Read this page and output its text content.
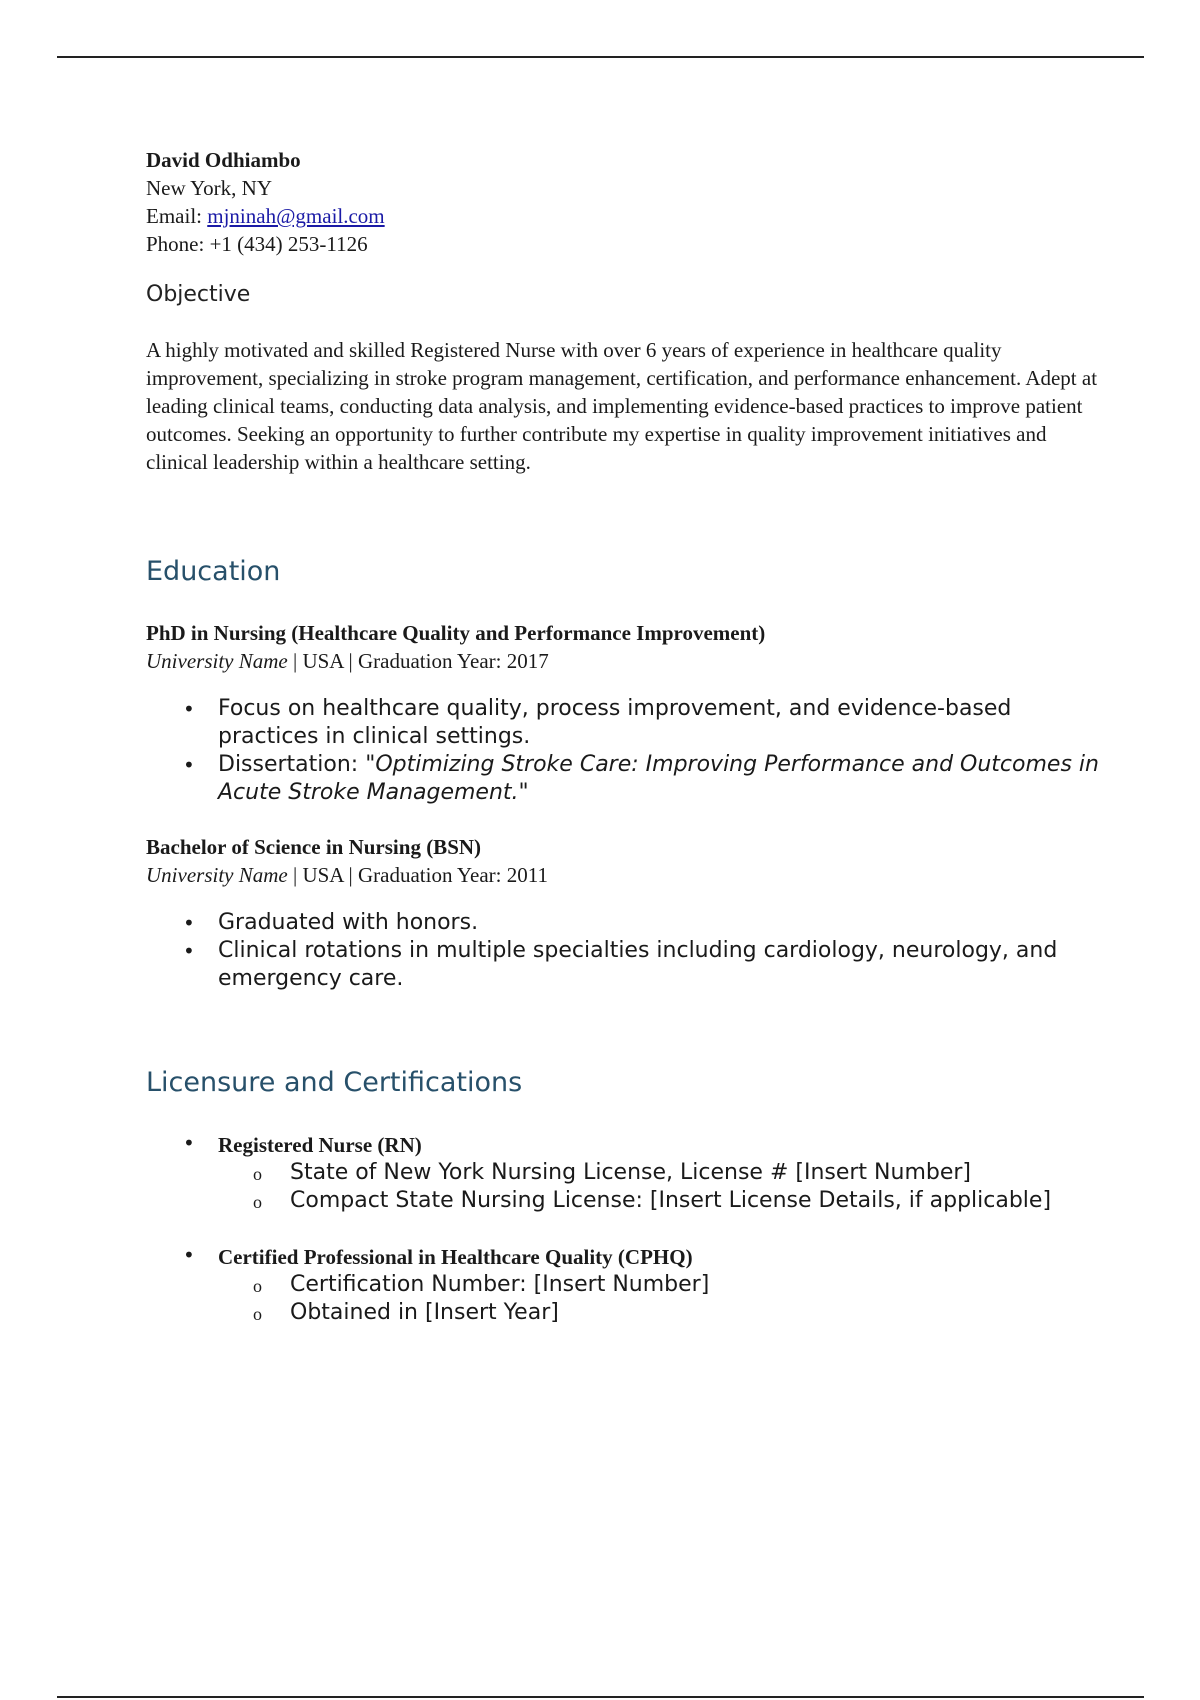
David Odhiambo
New York, NY
Email: mjninah@gmail.com
Phone: +1 (434) 253-1126
Objective
A highly motivated and skilled Registered Nurse with over 6 years of experience in healthcare quality improvement, specializing in stroke program management, certification, and performance enhancement. Adept at leading clinical teams, conducting data analysis, and implementing evidence-based practices to improve patient outcomes. Seeking an opportunity to further contribute my expertise in quality improvement initiatives and clinical leadership within a healthcare setting.
Education
PhD in Nursing (Healthcare Quality and Performance Improvement)
University Name | USA | Graduation Year: 2017
• Focus on healthcare quality, process improvement, and evidence-based practices in clinical settings.
• Dissertation: "Optimizing Stroke Care: Improving Performance and Outcomes in Acute Stroke Management."
Bachelor of Science in Nursing (BSN)
University Name | USA | Graduation Year: 2011
• Graduated with honors.
• Clinical rotations in multiple specialties including cardiology, neurology, and emergency care.
Licensure and Certifications
• Registered Nurse (RN)
o State of New York Nursing License, License # [Insert Number]
o Compact State Nursing License: [Insert License Details, if applicable]
• Certified Professional in Healthcare Quality (CPHQ)
o Certification Number: [Insert Number]
o Obtained in [Insert Year]
